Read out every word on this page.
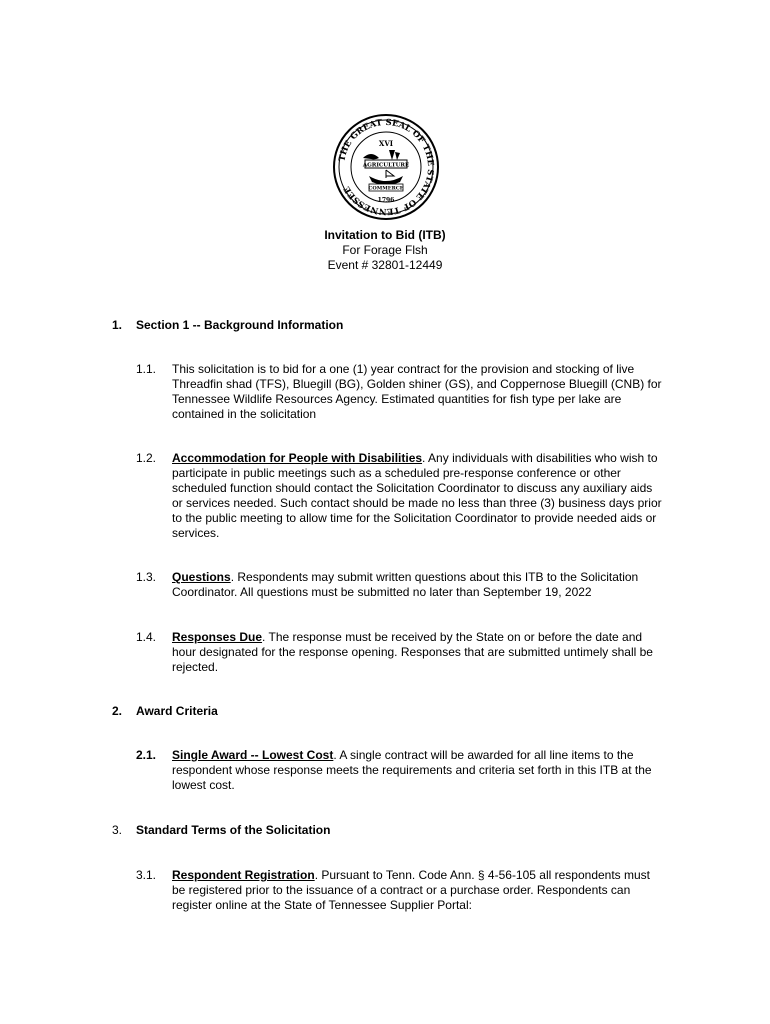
THE GREAT SEAL OF THE STATE OF TENNESSEE
XVI
AGRICULTURE
COMMERCE
1796
Invitation to Bid (ITB)
For Forage Flsh
Event # 32801-12449
1. Section 1 -- Background Information
1.1. This solicitation is to bid for a one (1) year contract for the provision and stocking of live Threadfin shad (TFS), Bluegill (BG), Golden shiner (GS), and Coppernose Bluegill (CNB) for Tennessee Wildlife Resources Agency. Estimated quantities for fish type per lake are contained in the solicitation
1.2. Accommodation for People with Disabilities. Any individuals with disabilities who wish to participate in public meetings such as a scheduled pre-response conference or other scheduled function should contact the Solicitation Coordinator to discuss any auxiliary aids or services needed. Such contact should be made no less than three (3) business days prior to the public meeting to allow time for the Solicitation Coordinator to provide needed aids or services.
1.3. Questions. Respondents may submit written questions about this ITB to the Solicitation Coordinator. All questions must be submitted no later than September 19, 2022
1.4. Responses Due. The response must be received by the State on or before the date and hour designated for the response opening. Responses that are submitted untimely shall be rejected.
2. Award Criteria
2.1. Single Award -- Lowest Cost. A single contract will be awarded for all line items to the respondent whose response meets the requirements and criteria set forth in this ITB at the lowest cost.
3. Standard Terms of the Solicitation
3.1. Respondent Registration. Pursuant to Tenn. Code Ann. § 4-56-105 all respondents must be registered prior to the issuance of a contract or a purchase order. Respondents can register online at the State of Tennessee Supplier Portal:
